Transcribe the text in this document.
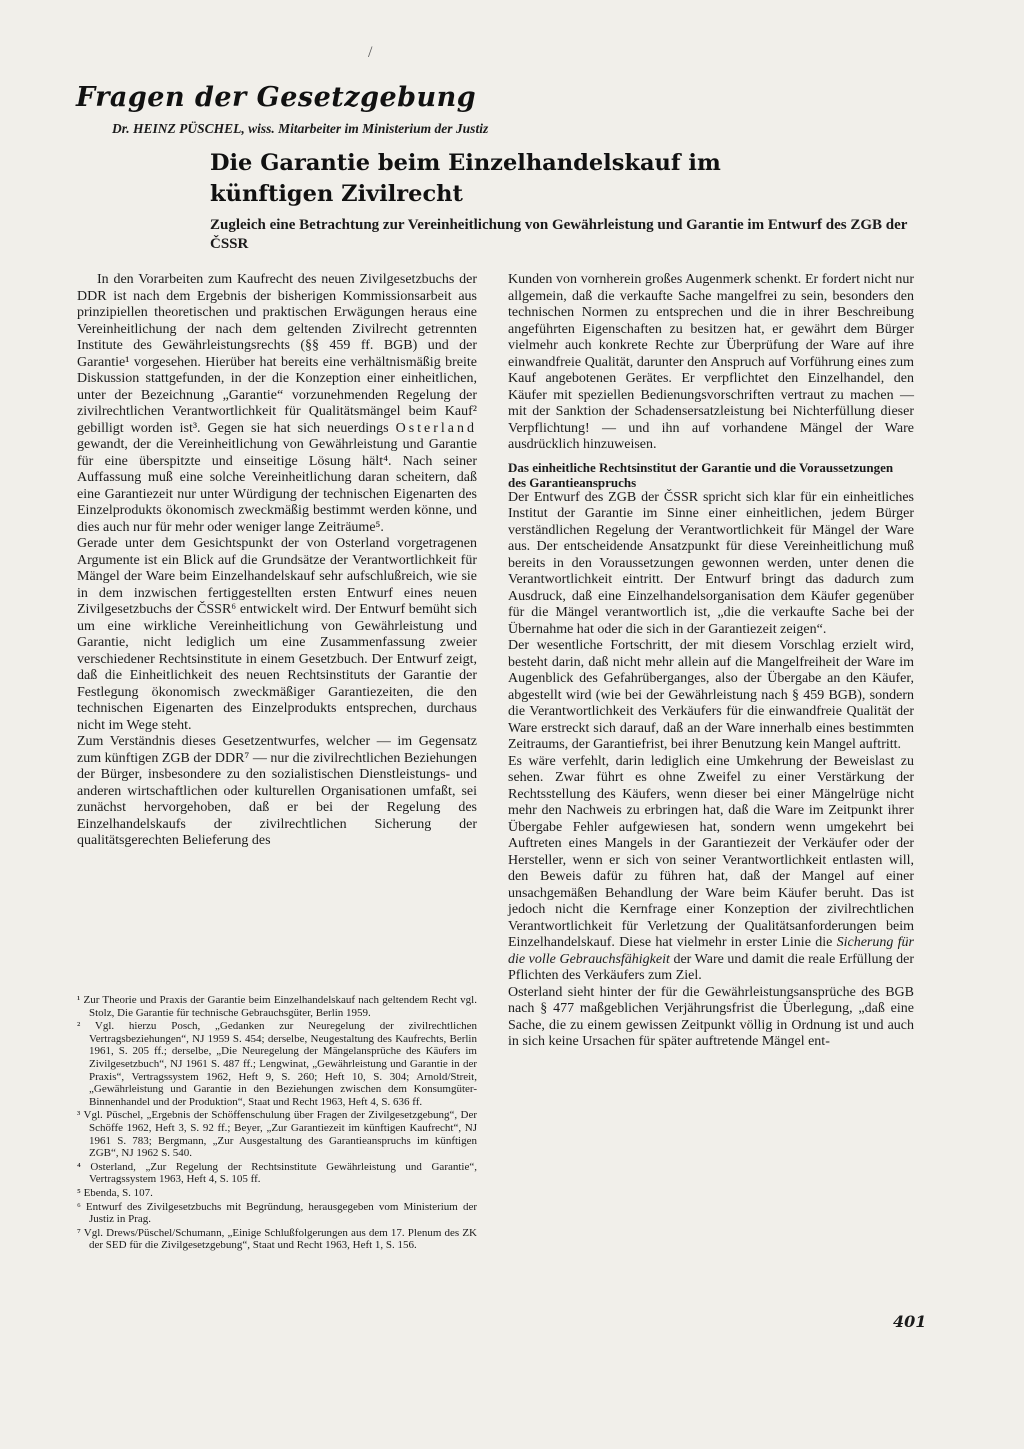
/
Fragen der Gesetzgebung
Dr. HEINZ PÜSCHEL, wiss. Mitarbeiter im Ministerium der Justiz
Die Garantie beim Einzelhandelskauf im künftigen Zivilrecht
Zugleich eine Betrachtung zur Vereinheitlichung von Gewährleistung und Garantie im Entwurf des ZGB der ČSSR

In den Vorarbeiten zum Kaufrecht des neuen Zivilgesetzbuchs der DDR ist nach dem Ergebnis der bisherigen Kommissionsarbeit aus prinzipiellen theoretischen und praktischen Erwägungen heraus eine Vereinheitlichung der nach dem geltenden Zivilrecht getrennten Institute des Gewährleistungsrechts (§§ 459 ff. BGB) und der Garantie¹ vorgesehen. Hierüber hat bereits eine verhältnismäßig breite Diskussion stattgefunden, in der die Konzeption einer einheitlichen, unter der Bezeichnung „Garantie“ vorzunehmenden Regelung der zivilrechtlichen Verantwortlichkeit für Qualitätsmängel beim Kauf² gebilligt worden ist³. Gegen sie hat sich neuerdings Osterland gewandt, der die Vereinheitlichung von Gewährleistung und Garantie für eine überspitzte und einseitige Lösung hält⁴. Nach seiner Auffassung muß eine solche Vereinheitlichung daran scheitern, daß eine Garantiezeit nur unter Würdigung der technischen Eigenarten des Einzelprodukts ökonomisch zweckmäßig bestimmt werden könne, und dies auch nur für mehr oder weniger lange Zeiträume⁵.

Gerade unter dem Gesichtspunkt der von Osterland vorgetragenen Argumente ist ein Blick auf die Grundsätze der Verantwortlichkeit für Mängel der Ware beim Einzelhandelskauf sehr aufschlußreich, wie sie in dem inzwischen fertiggestellten ersten Entwurf eines neuen Zivilgesetzbuchs der ČSSR⁶ entwickelt wird. Der Entwurf bemüht sich um eine wirkliche Vereinheitlichung von Gewährleistung und Garantie, nicht lediglich um eine Zusammenfassung zweier verschiedener Rechtsinstitute in einem Gesetzbuch. Der Entwurf zeigt, daß die Einheitlichkeit des neuen Rechtsinstituts der Garantie der Festlegung ökonomisch zweckmäßiger Garantiezeiten, die den technischen Eigenarten des Einzelprodukts entsprechen, durchaus nicht im Wege steht.

Zum Verständnis dieses Gesetzentwurfes, welcher — im Gegensatz zum künftigen ZGB der DDR⁷ — nur die zivilrechtlichen Beziehungen der Bürger, insbesondere zu den sozialistischen Dienstleistungs- und anderen wirtschaftlichen oder kulturellen Organisationen umfaßt, sei zunächst hervorgehoben, daß er bei der Regelung des Einzelhandelskaufs der zivilrechtlichen Sicherung der qualitätsgerechten Belieferung des

¹ Zur Theorie und Praxis der Garantie beim Einzelhandelskauf nach geltendem Recht vgl. Stolz, Die Garantie für technische Gebrauchsgüter, Berlin 1959.

² Vgl. hierzu Posch, „Gedanken zur Neuregelung der zivilrechtlichen Vertragsbeziehungen“, NJ 1959 S. 454; derselbe, Neugestaltung des Kaufrechts, Berlin 1961, S. 205 ff.; derselbe, „Die Neuregelung der Mängelansprüche des Käufers im Zivilgesetzbuch“, NJ 1961 S. 487 ff.; Lengwinat, „Gewährleistung und Garantie in der Praxis“, Vertragssystem 1962, Heft 9, S. 260; Heft 10, S. 304; Arnold/Streit, „Gewährleistung und Garantie in den Beziehungen zwischen dem Konsumgüter-Binnenhandel und der Produktion“, Staat und Recht 1963, Heft 4, S. 636 ff.

³ Vgl. Püschel, „Ergebnis der Schöffenschulung über Fragen der Zivilgesetzgebung“, Der Schöffe 1962, Heft 3, S. 92 ff.; Beyer, „Zur Garantiezeit im künftigen Kaufrecht“, NJ 1961 S. 783; Bergmann, „Zur Ausgestaltung des Garantieanspruchs im künftigen ZGB“, NJ 1962 S. 540.

⁴ Osterland, „Zur Regelung der Rechtsinstitute Gewährleistung und Garantie“, Vertragssystem 1963, Heft 4, S. 105 ff.

⁵ Ebenda, S. 107.

⁶ Entwurf des Zivilgesetzbuchs mit Begründung, herausgegeben vom Ministerium der Justiz in Prag.

⁷ Vgl. Drews/Püschel/Schumann, „Einige Schlußfolgerungen aus dem 17. Plenum des ZK der SED für die Zivilgesetzgebung“, Staat und Recht 1963, Heft 1, S. 156.

Kunden von vornherein großes Augenmerk schenkt. Er fordert nicht nur allgemein, daß die verkaufte Sache mangelfrei zu sein, besonders den technischen Normen zu entsprechen und die in ihrer Beschreibung angeführten Eigenschaften zu besitzen hat, er gewährt dem Bürger vielmehr auch konkrete Rechte zur Überprüfung der Ware auf ihre einwandfreie Qualität, darunter den Anspruch auf Vorführung eines zum Kauf angebotenen Gerätes. Er verpflichtet den Einzelhandel, den Käufer mit speziellen Bedienungsvorschriften vertraut zu machen — mit der Sanktion der Schadensersatzleistung bei Nichterfüllung dieser Verpflichtung! — und ihn auf vorhandene Mängel der Ware ausdrücklich hinzuweisen.

Das einheitliche Rechtsinstitut der Garantie und die Voraussetzungen des Garantieanspruchs

Der Entwurf des ZGB der ČSSR spricht sich klar für ein einheitliches Institut der Garantie im Sinne einer einheitlichen, jedem Bürger verständlichen Regelung der Verantwortlichkeit für Mängel der Ware aus. Der entscheidende Ansatzpunkt für diese Vereinheitlichung muß bereits in den Voraussetzungen gewonnen werden, unter denen die Verantwortlichkeit eintritt. Der Entwurf bringt das dadurch zum Ausdruck, daß eine Einzelhandelsorganisation dem Käufer gegenüber für die Mängel verantwortlich ist, „die die verkaufte Sache bei der Übernahme hat oder die sich in der Garantiezeit zeigen“.

Der wesentliche Fortschritt, der mit diesem Vorschlag erzielt wird, besteht darin, daß nicht mehr allein auf die Mangelfreiheit der Ware im Augenblick des Gefahrüberganges, also der Übergabe an den Käufer, abgestellt wird (wie bei der Gewährleistung nach § 459 BGB), sondern die Verantwortlichkeit des Verkäufers für die einwandfreie Qualität der Ware erstreckt sich darauf, daß an der Ware innerhalb eines bestimmten Zeitraums, der Garantiefrist, bei ihrer Benutzung kein Mangel auftritt.

Es wäre verfehlt, darin lediglich eine Umkehrung der Beweislast zu sehen. Zwar führt es ohne Zweifel zu einer Verstärkung der Rechtsstellung des Käufers, wenn dieser bei einer Mängelrüge nicht mehr den Nachweis zu erbringen hat, daß die Ware im Zeitpunkt ihrer Übergabe Fehler aufgewiesen hat, sondern wenn umgekehrt bei Auftreten eines Mangels in der Garantiezeit der Verkäufer oder der Hersteller, wenn er sich von seiner Verantwortlichkeit entlasten will, den Beweis dafür zu führen hat, daß der Mangel auf einer unsachgemäßen Behandlung der Ware beim Käufer beruht. Das ist jedoch nicht die Kernfrage einer Konzeption der zivilrechtlichen Verantwortlichkeit für Verletzung der Qualitätsanforderungen beim Einzelhandelskauf. Diese hat vielmehr in erster Linie die Sicherung für die volle Gebrauchsfähigkeit der Ware und damit die reale Erfüllung der Pflichten des Verkäufers zum Ziel.

Osterland sieht hinter der für die Gewährleistungsansprüche des BGB nach § 477 maßgeblichen Verjährungsfrist die Überlegung, „daß eine Sache, die zu einem gewissen Zeitpunkt völlig in Ordnung ist und auch in sich keine Ursachen für später auftretende Mängel ent-

401
